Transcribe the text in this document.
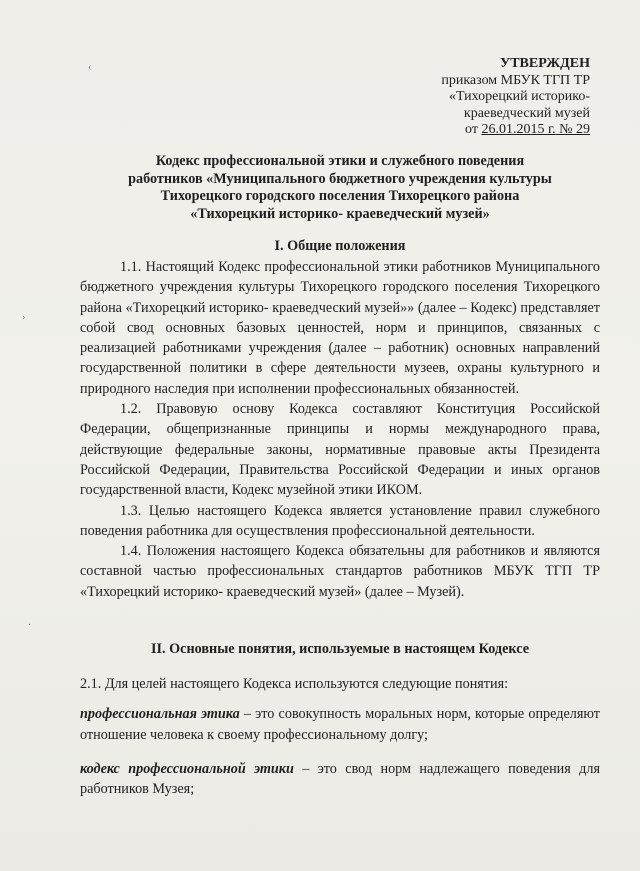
‹
›
·
УТВЕРЖДЕН
приказом МБУК ТГП ТР
«Тихорецкий историко-
краеведческий музей
от 26.01.2015 г. № 29
Кодекс профессиональной этики и служебного поведения
работников «Муниципального бюджетного учреждения культуры
Тихорецкого городского поселения Тихорецкого района
«Тихорецкий историко- краеведческий музей»
I. Общие положения

1.1. Настоящий Кодекс профессиональной этики работников Муниципального бюджетного учреждения культуры Тихорецкого городского поселения Тихорецкого района «Тихорецкий историко- краеведческий музей»» (далее – Кодекс) представляет собой свод основных базовых ценностей, норм и принципов, связанных с реализацией работниками учреждения (далее – работник) основных направлений государственной политики в сфере деятельности музеев, охраны культурного и природного наследия при исполнении профессиональных обязанностей.

1.2. Правовую основу Кодекса составляют Конституция Российской Федерации, общепризнанные принципы и нормы международного права, действующие федеральные законы, нормативные правовые акты Президента Российской Федерации, Правительства Российской Федерации и иных органов государственной власти, Кодекс музейной этики ИКОМ.

1.3. Целью настоящего Кодекса является установление правил служебного поведения работника для осуществления профессиональной деятельности.

1.4. Положения настоящего Кодекса обязательны для работников и являются составной частью профессиональных стандартов работников МБУК ТГП ТР «Тихорецкий историко- краеведческий музей» (далее – Музей).

II. Основные понятия, используемые в настоящем Кодексе

2.1. Для целей настоящего Кодекса используются следующие понятия:

профессиональная этика – это совокупность моральных норм, которые определяют отношение человека к своему профессиональному долгу;

кодекс профессиональной этики – это свод норм надлежащего поведения для работников Музея;
